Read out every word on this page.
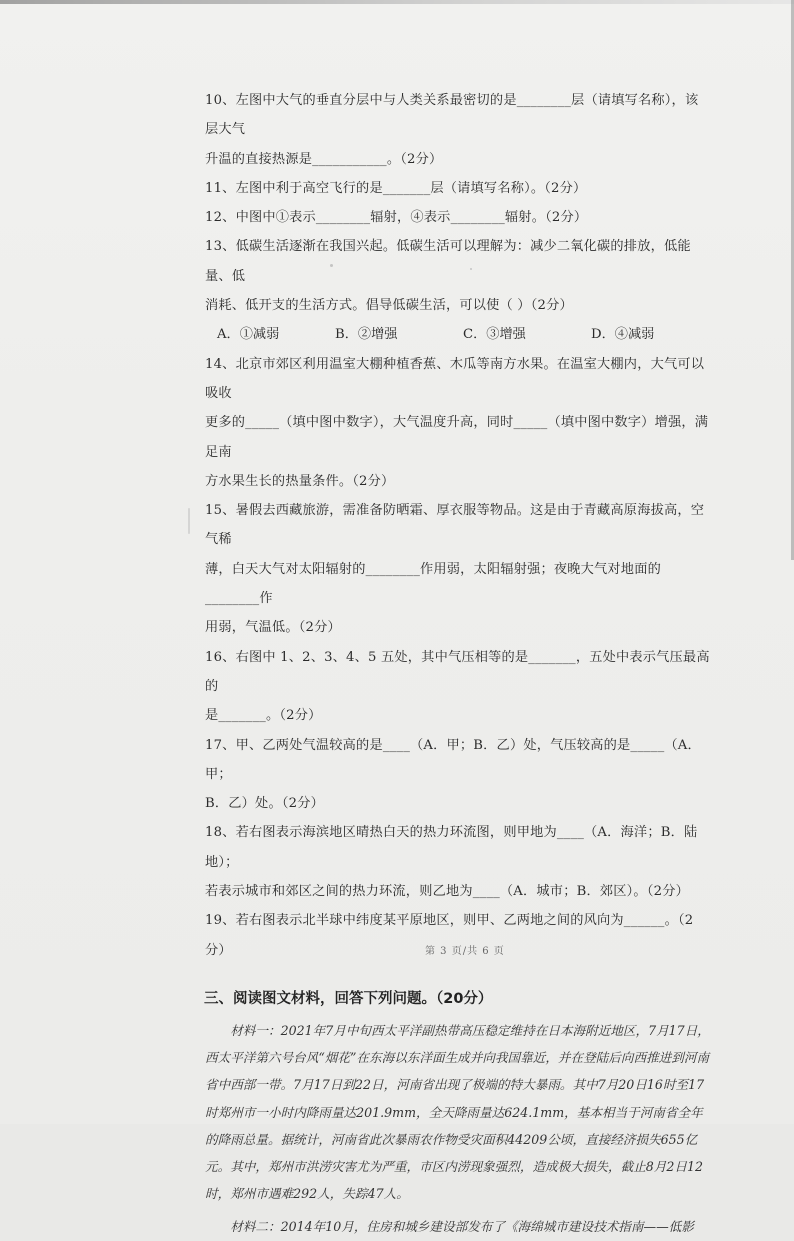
10、左图中大气的垂直分层中与人类关系最密切的是________层（请填写名称），该层大气
升温的直接热源是___________。（2分）

11、左图中利于高空飞行的是_______层（请填写名称）。（2分）

12、中图中①表示________辐射，④表示________辐射。（2分）

13、低碳生活逐渐在我国兴起。低碳生活可以理解为：减少二氧化碳的排放，低能量、低
消耗、低开支的生活方式。倡导低碳生活，可以使（ ）（2分）

A．①减弱	B．②增强	C．③增强	D．④减弱

14、北京市郊区利用温室大棚种植香蕉、木瓜等南方水果。在温室大棚内，大气可以吸收
更多的_____（填中图中数字），大气温度升高，同时_____（填中图中数字）增强，满足南
方水果生长的热量条件。（2分）

15、暑假去西藏旅游，需准备防晒霜、厚衣服等物品。这是由于青藏高原海拔高，空气稀
薄，白天大气对太阳辐射的________作用弱，太阳辐射强；夜晚大气对地面的________作
用弱，气温低。（2分）

16、右图中 1、2、3、4、5 五处，其中气压相等的是_______，五处中表示气压最高的
是_______。（2分）

17、甲、乙两处气温较高的是____（A．甲；B．乙）处，气压较高的是_____（A．甲；
B．乙）处。（2分）

18、若右图表示海滨地区晴热白天的热力环流图，则甲地为____（A．海洋；B．陆地）；
若表示城市和郊区之间的热力环流，则乙地为____（A．城市；B．郊区）。（2分）

19、若右图表示北半球中纬度某平原地区，则甲、乙两地之间的风向为______。（2分）

三、阅读图文材料，回答下列问题。（20分）

材料一：2021年7月中旬西太平洋副热带高压稳定维持在日本海附近地区，7月17日，西太平洋第六号台风“烟花”在东海以东洋面生成并向我国靠近，并在登陆后向西推进到河南省中西部一带。7月17日到22日，河南省出现了极端的特大暴雨。其中7月20日16时至17时郑州市一小时内降雨量达201.9mm，全天降雨量达624.1mm，基本相当于河南省全年的降雨总量。据统计，河南省此次暴雨农作物受灾面积44209公顷，直接经济损失655亿元。其中，郑州市洪涝灾害尤为严重，市区内涝现象强烈，造成极大损失，截止8月2日12时，郑州市遇难292人，失踪47人。

材料二：2014年10月，住房和城乡建设部发布了《海绵城市建设技术指南——低影

第 3 页/共 6 页
